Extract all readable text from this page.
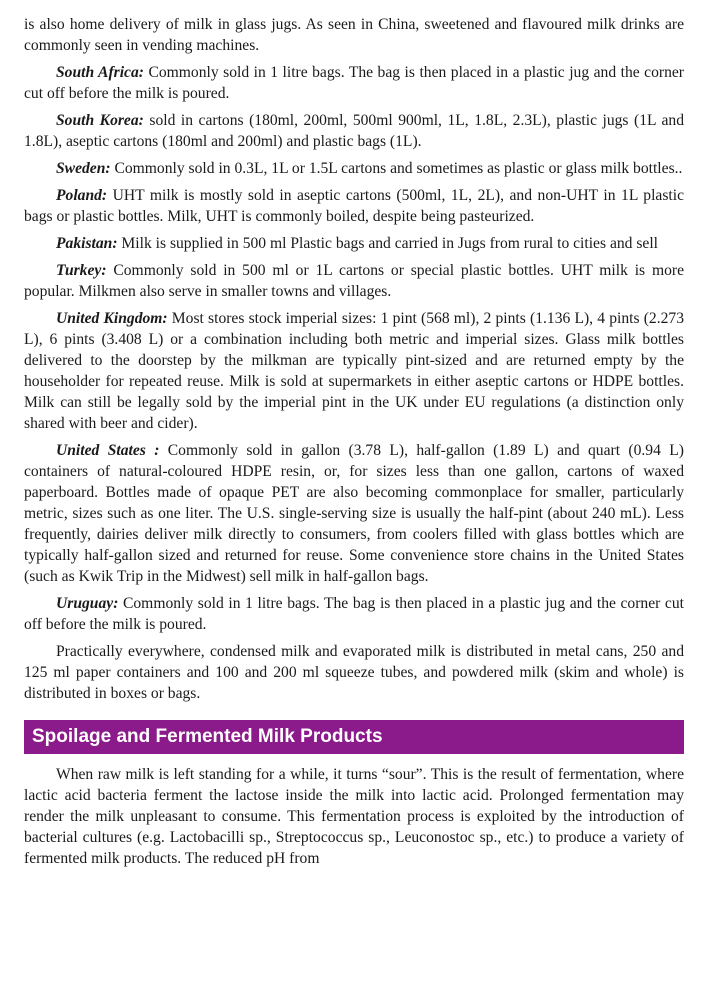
is also home delivery of milk in glass jugs. As seen in China, sweetened and flavoured milk drinks are commonly seen in vending machines.

South Africa: Commonly sold in 1 litre bags. The bag is then placed in a plastic jug and the corner cut off before the milk is poured.

South Korea: sold in cartons (180ml, 200ml, 500ml 900ml, 1L, 1.8L, 2.3L), plastic jugs (1L and 1.8L), aseptic cartons (180ml and 200ml) and plastic bags (1L).

Sweden: Commonly sold in 0.3L, 1L or 1.5L cartons and sometimes as plastic or glass milk bottles..

Poland: UHT milk is mostly sold in aseptic cartons (500ml, 1L, 2L), and non-UHT in 1L plastic bags or plastic bottles. Milk, UHT is commonly boiled, despite being pasteurized.

Pakistan: Milk is supplied in 500 ml Plastic bags and carried in Jugs from rural to cities and sell

Turkey: Commonly sold in 500 ml or 1L cartons or special plastic bottles. UHT milk is more popular. Milkmen also serve in smaller towns and villages.

United Kingdom: Most stores stock imperial sizes: 1 pint (568 ml), 2 pints (1.136 L), 4 pints (2.273 L), 6 pints (3.408 L) or a combination including both metric and imperial sizes. Glass milk bottles delivered to the doorstep by the milkman are typically pint-sized and are returned empty by the householder for repeated reuse. Milk is sold at supermarkets in either aseptic cartons or HDPE bottles. Milk can still be legally sold by the imperial pint in the UK under EU regulations (a distinction only shared with beer and cider).

United States : Commonly sold in gallon (3.78 L), half-gallon (1.89 L) and quart (0.94 L) containers of natural-coloured HDPE resin, or, for sizes less than one gallon, cartons of waxed paperboard. Bottles made of opaque PET are also becoming commonplace for smaller, particularly metric, sizes such as one liter. The U.S. single-serving size is usually the half-pint (about 240 mL). Less frequently, dairies deliver milk directly to consumers, from coolers filled with glass bottles which are typically half-gallon sized and returned for reuse. Some convenience store chains in the United States (such as Kwik Trip in the Midwest) sell milk in half-gallon bags.

Uruguay: Commonly sold in 1 litre bags. The bag is then placed in a plastic jug and the corner cut off before the milk is poured.

Practically everywhere, condensed milk and evaporated milk is distributed in metal cans, 250 and 125 ml paper containers and 100 and 200 ml squeeze tubes, and powdered milk (skim and whole) is distributed in boxes or bags.

Spoilage and Fermented Milk Products

When raw milk is left standing for a while, it turns “sour”. This is the result of fermentation, where lactic acid bacteria ferment the lactose inside the milk into lactic acid. Prolonged fermentation may render the milk unpleasant to consume. This fermentation process is exploited by the introduction of bacterial cultures (e.g. Lactobacilli sp., Streptococcus sp., Leuconostoc sp., etc.) to produce a variety of fermented milk products. The reduced pH from
